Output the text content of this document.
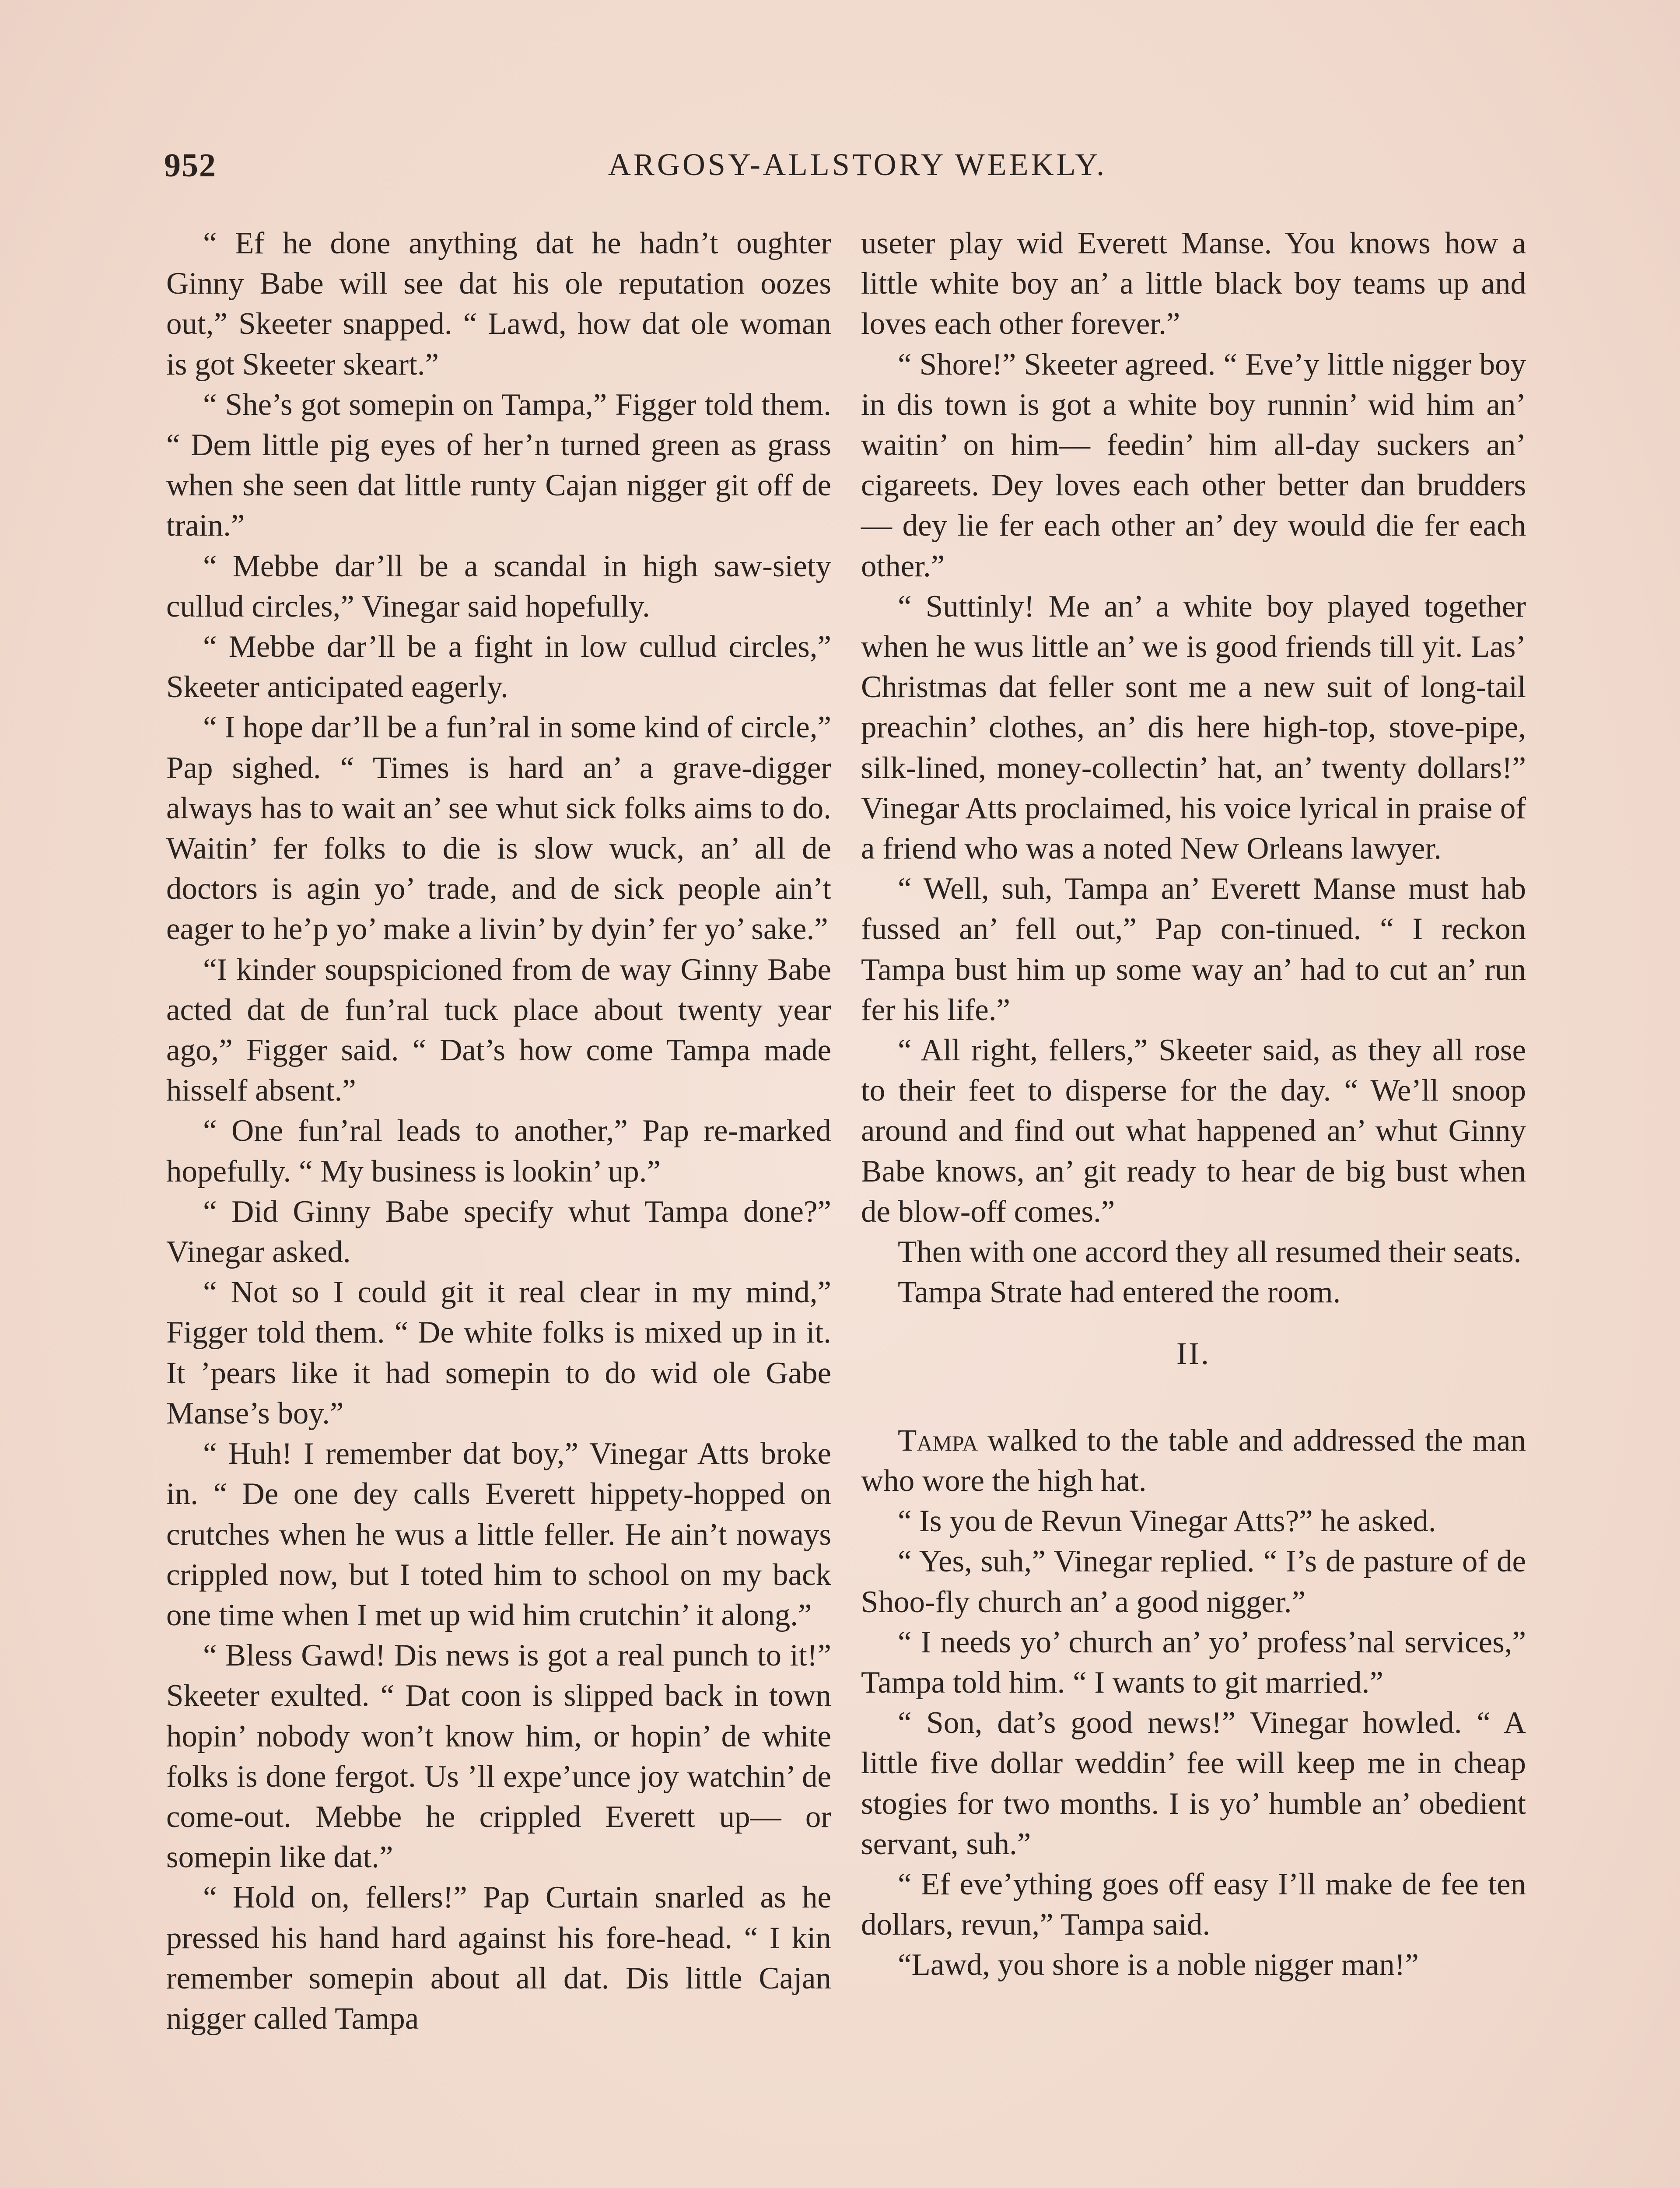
952	ARGOSY-ALLSTORY WEEKLY.

“ Ef he done anything dat he hadn’t oughter Ginny Babe will see dat his ole reputation oozes out,” Skeeter snapped. “ Lawd, how dat ole woman is got Skeeter skeart.”

“ She’s got somepin on Tampa,” Figger told them. “ Dem little pig eyes of her’n turned green as grass when she seen dat little runty Cajan nigger git off de train.”

“ Mebbe dar’ll be a scandal in high saw-siety cullud circles,” Vinegar said hopefully.

“ Mebbe dar’ll be a fight in low cullud circles,” Skeeter anticipated eagerly.

“ I hope dar’ll be a fun’ral in some kind of circle,” Pap sighed. “ Times is hard an’ a grave-digger always has to wait an’ see whut sick folks aims to do. Waitin’ fer folks to die is slow wuck, an’ all de doctors is agin yo’ trade, and de sick people ain’t eager to he’p yo’ make a livin’ by dyin’ fer yo’ sake.”

“I kinder soupspicioned from de way Ginny Babe acted dat de fun’ral tuck place about twenty year ago,” Figger said. “ Dat’s how come Tampa made hisself absent.”

“ One fun’ral leads to another,” Pap re-marked hopefully. “ My business is lookin’ up.”

“ Did Ginny Babe specify whut Tampa done?” Vinegar asked.

“ Not so I could git it real clear in my mind,” Figger told them. “ De white folks is mixed up in it. It ’pears like it had somepin to do wid ole Gabe Manse’s boy.”

“ Huh! I remember dat boy,” Vinegar Atts broke in. “ De one dey calls Everett hippety-hopped on crutches when he wus a little feller. He ain’t noways crippled now, but I toted him to school on my back one time when I met up wid him crutchin’ it along.”

“ Bless Gawd! Dis news is got a real punch to it!” Skeeter exulted. “ Dat coon is slipped back in town hopin’ nobody won’t know him, or hopin’ de white folks is done fergot. Us ’ll expe’unce joy watchin’ de come-out. Mebbe he crippled Everett up— or somepin like dat.”

“ Hold on, fellers!” Pap Curtain snarled as he pressed his hand hard against his fore-head. “ I kin remember somepin about all dat. Dis little Cajan nigger called Tampa

useter play wid Everett Manse. You knows how a little white boy an’ a little black boy teams up and loves each other forever.”

“ Shore!” Skeeter agreed. “ Eve’y little nigger boy in dis town is got a white boy runnin’ wid him an’ waitin’ on him— feedin’ him all-day suckers an’ cigareets. Dey loves each other better dan brudders— dey lie fer each other an’ dey would die fer each other.”

“ Suttinly! Me an’ a white boy played together when he wus little an’ we is good friends till yit. Las’ Christmas dat feller sont me a new suit of long-tail preachin’ clothes, an’ dis here high-top, stove-pipe, silk-lined, money-collectin’ hat, an’ twenty dollars!” Vinegar Atts proclaimed, his voice lyrical in praise of a friend who was a noted New Orleans lawyer.

“ Well, suh, Tampa an’ Everett Manse must hab fussed an’ fell out,” Pap con-tinued. “ I reckon Tampa bust him up some way an’ had to cut an’ run fer his life.”

“ All right, fellers,” Skeeter said, as they all rose to their feet to disperse for the day. “ We’ll snoop around and find out what happened an’ whut Ginny Babe knows, an’ git ready to hear de big bust when de blow-off comes.”

Then with one accord they all resumed their seats.

Tampa Strate had entered the room.

II.

Tampa walked to the table and addressed the man who wore the high hat.

“ Is you de Revun Vinegar Atts?” he asked.

“ Yes, suh,” Vinegar replied. “ I’s de pasture of de Shoo-fly church an’ a good nigger.”

“ I needs yo’ church an’ yo’ profess’nal services,” Tampa told him. “ I wants to git married.”

“ Son, dat’s good news!” Vinegar howled. “ A little five dollar weddin’ fee will keep me in cheap stogies for two months. I is yo’ humble an’ obedient servant, suh.”

“ Ef eve’ything goes off easy I’ll make de fee ten dollars, revun,” Tampa said.

“Lawd, you shore is a noble nigger man!”
